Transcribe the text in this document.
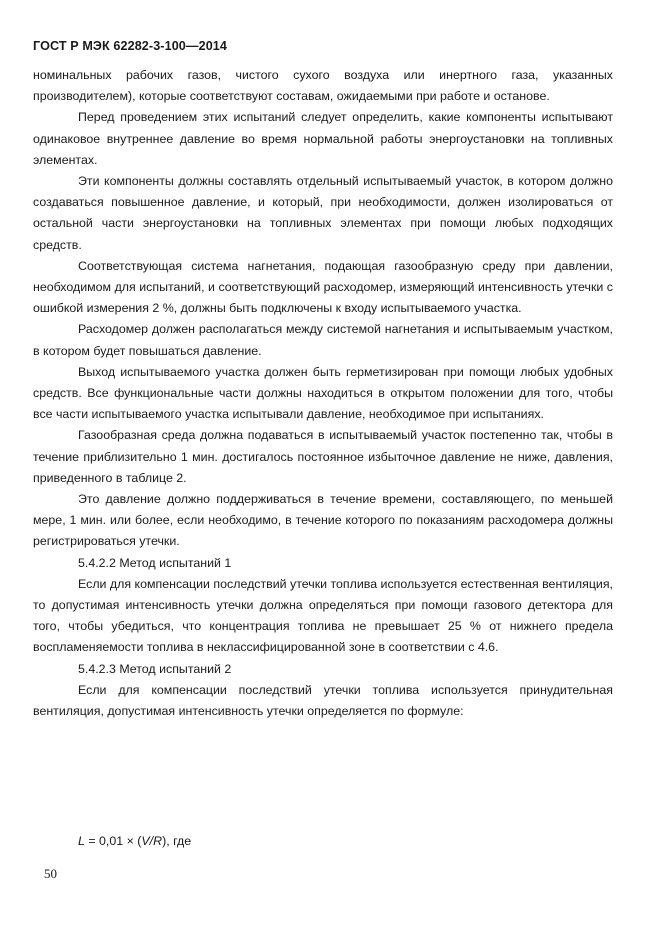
ГОСТ Р МЭК 62282-3-100—2014

номинальных рабочих газов, чистого сухого воздуха или инертного газа, указанных производителем), которые соответствуют составам, ожидаемыми при работе и останове.

Перед проведением этих испытаний следует определить, какие компоненты испытывают одинаковое внутреннее давление во время нормальной работы энергоустановки на топливных элементах.

Эти компоненты должны составлять отдельный испытываемый участок, в котором должно создаваться повышенное давление, и который, при необходимости, должен изолироваться от остальной части энергоустановки на топливных элементах при помощи любых подходящих средств.

Соответствующая система нагнетания, подающая газообразную среду при давлении, необходимом для испытаний, и соответствующий расходомер, измеряющий интенсивность утечки с ошибкой измерения 2 %, должны быть подключены к входу испытываемого участка.

Расходомер должен располагаться между системой нагнетания и испытываемым участком, в котором будет повышаться давление.

Выход испытываемого участка должен быть герметизирован при помощи любых удобных средств. Все функциональные части должны находиться в открытом положении для того, чтобы все части испытываемого участка испытывали давление, необходимое при испытаниях.

Газообразная среда должна подаваться в испытываемый участок постепенно так, чтобы в течение приблизительно 1 мин. достигалось постоянное избыточное давление не ниже, давления, приведенного в таблице 2.

Это давление должно поддерживаться в течение времени, составляющего, по меньшей мере, 1 мин. или более, если необходимо, в течение которого по показаниям расходомера должны регистрироваться утечки.

5.4.2.2 Метод испытаний 1

Если для компенсации последствий утечки топлива используется естественная вентиляция, то допустимая интенсивность утечки должна определяться при помощи газового детектора для того, чтобы убедиться, что концентрация топлива не превышает 25 % от нижнего предела воспламеняемости топлива в неклассифицированной зоне в соответствии с 4.6.

5.4.2.3 Метод испытаний 2

Если для компенсации последствий утечки топлива используется принудительная вентиляция, допустимая интенсивность утечки определяется по формуле:

L = 0,01 × (V/R), где
50
